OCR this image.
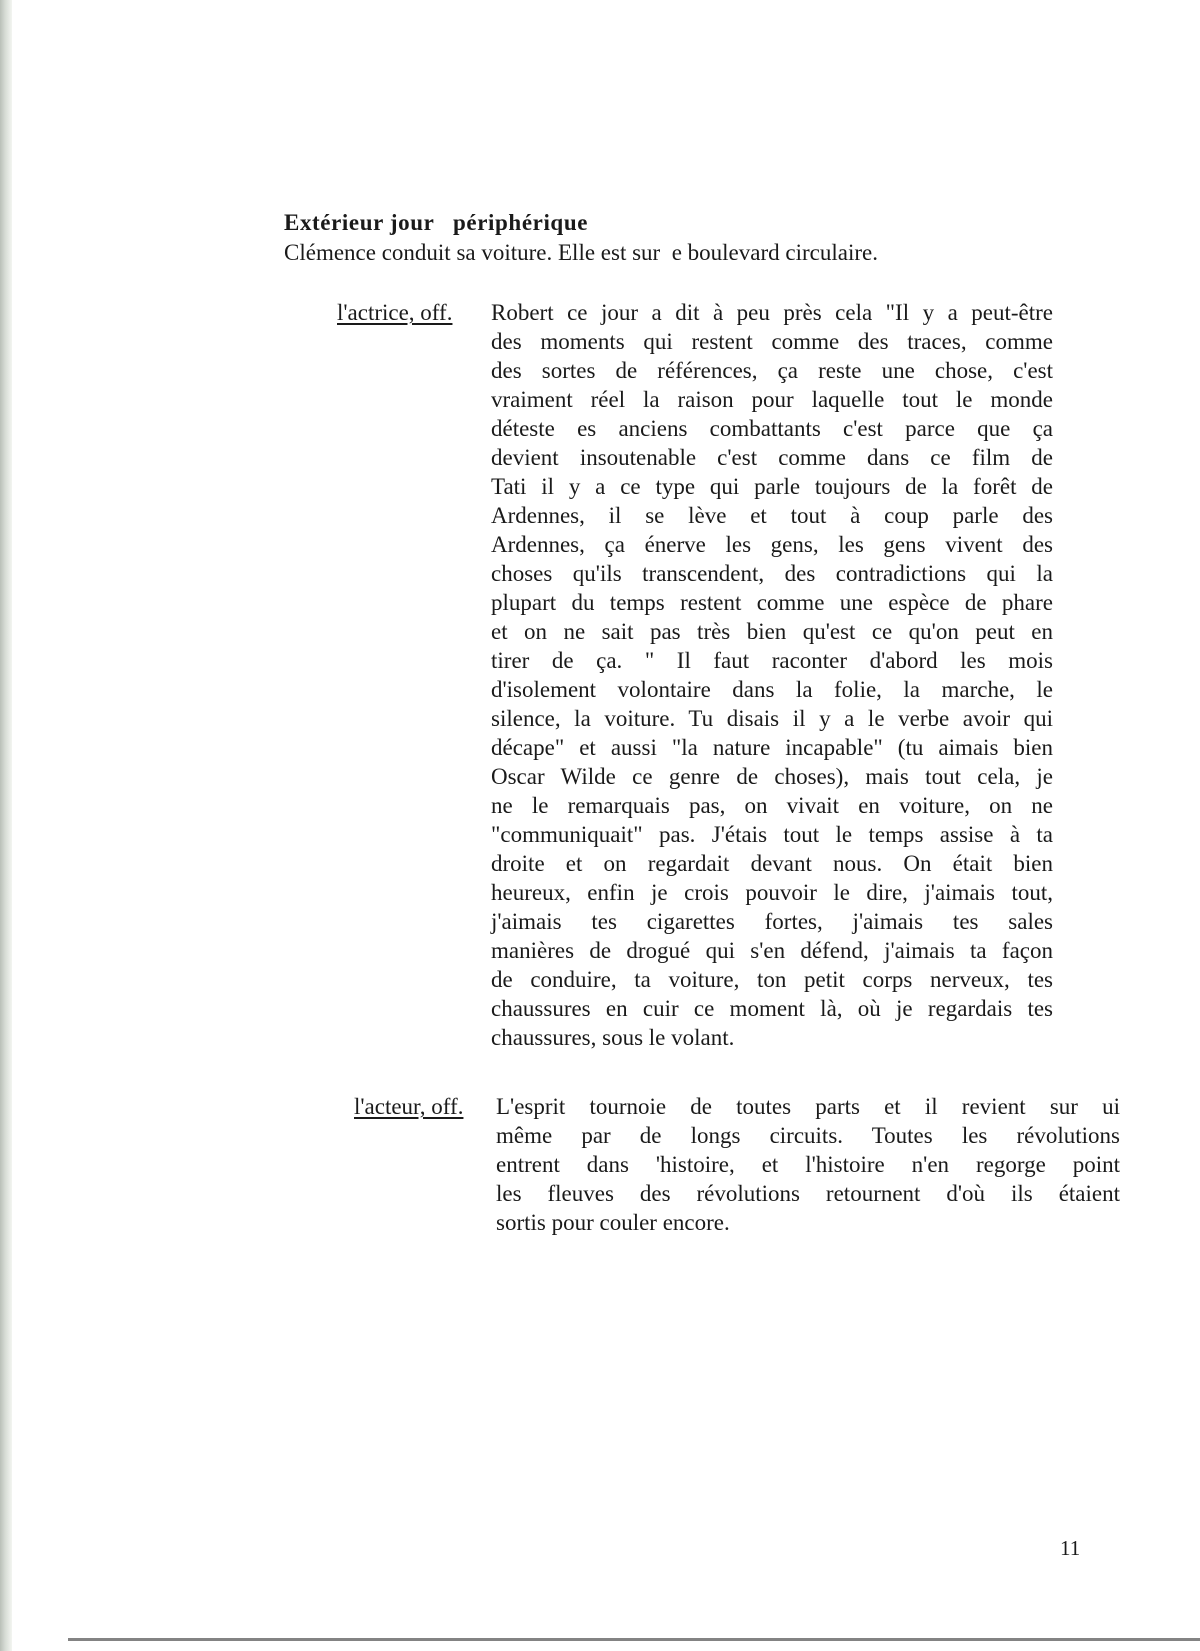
Extérieur jour   périphérique
Clémence conduit sa voiture. Elle est sur  e boulevard circulaire.
l'actrice, off. Robert ce jour a dit à peu près cela "Il y a peut-être
des moments qui restent comme des traces, comme
des sortes de références, ça reste une chose, c'est
vraiment réel la raison pour laquelle tout le monde
déteste es anciens combattants c'est parce que ça
devient insoutenable c'est comme dans ce film de
Tati il y a ce type qui parle toujours de la forêt de
Ardennes, il se lève et tout à coup parle des
Ardennes, ça énerve les gens, les gens vivent des
choses qu'ils transcendent, des contradictions qui la
plupart du temps restent comme une espèce de phare
et on ne sait pas très bien qu'est ce qu'on peut en
tirer de ça. " Il faut raconter d'abord les mois
d'isolement volontaire dans la folie, la marche, le
silence, la voiture. Tu disais il y a le verbe avoir qui
décape" et aussi "la nature incapable" (tu aimais bien
Oscar Wilde ce genre de choses), mais tout cela, je
ne le remarquais pas, on vivait en voiture, on ne
"communiquait" pas. J'étais tout le temps assise à ta
droite et on regardait devant nous. On était bien
heureux, enfin je crois pouvoir le dire, j'aimais tout,
j'aimais tes cigarettes fortes, j'aimais tes sales
manières de drogué qui s'en défend, j'aimais ta façon
de conduire, ta voiture, ton petit corps nerveux, tes
chaussures en cuir ce moment là, où je regardais tes
chaussures, sous le volant.
l'acteur, off. L'esprit tournoie de toutes parts et il revient sur ui
même par de longs circuits. Toutes les révolutions
entrent dans 'histoire, et l'histoire n'en regorge point
les fleuves des révolutions retournent d'où ils étaient
sortis pour couler encore.
11
